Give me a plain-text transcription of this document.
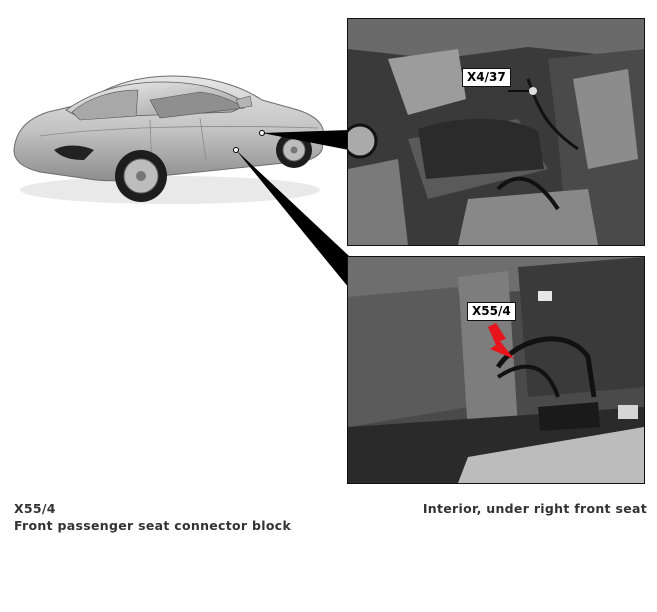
X4/37
X55/4
X55/4
Front passenger seat connector block
Interior, under right front seat
